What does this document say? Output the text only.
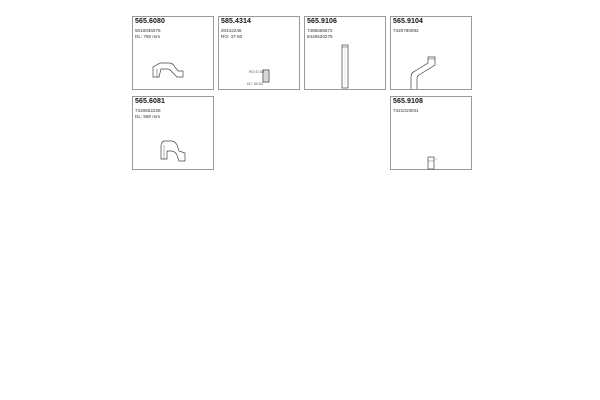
565.6080
5010036076
DL: 750 mm
585.4314
20442246
RO: 47-50
RO:47-50
DC: 60-63
565.9106
7485555572
8426520275
565.9104
7420780092
565.6081
7420602228
DL: 580 mm
565.9108
7421019031
